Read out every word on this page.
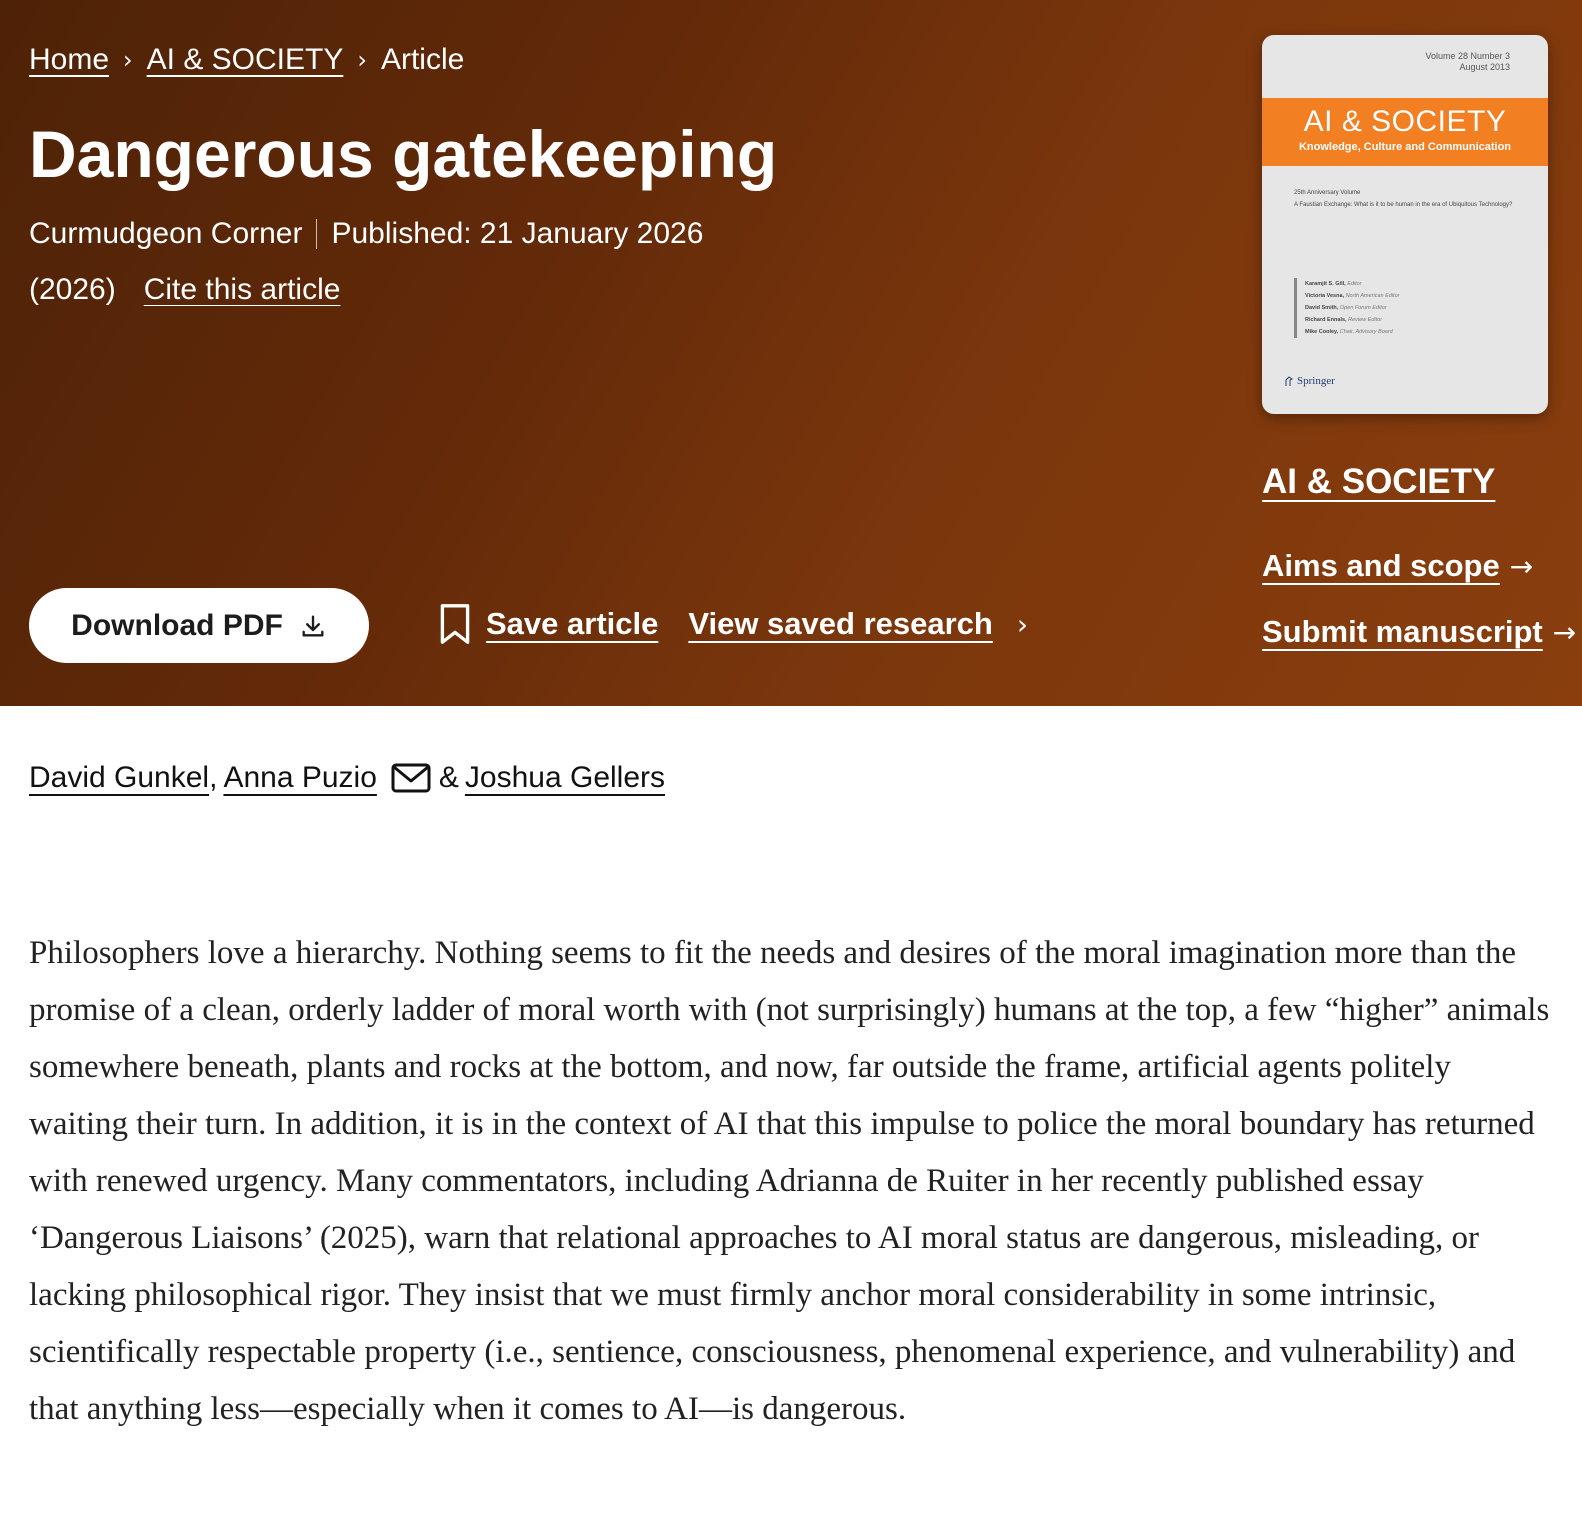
Home › AI & SOCIETY › Article
Dangerous gatekeeping
Curmudgeon Corner Published: 21 January 2026
(2026) Cite this article
Download PDF	Save article View saved research ›
Volume 28 Number 3
August 2013
AI & SOCIETY
Knowledge, Culture and Communication
25th Anniversary Volume
A Faustian Exchange: What is it to be human in the era of Ubiquitous Technology?
Karamjit S. Gill, Editor
Victoria Vesna, North American Editor
David Smith, Open Forum Editor
Richard Ennals, Review Editor
Mike Cooley, Chair, Advisory Board
Springer
AI & SOCIETY
Aims and scope →
Submit manuscript →
David Gunkel , Anna Puzio & Joshua Gellers

Philosophers love a hierarchy. Nothing seems to fit the needs and desires of the moral imagination more than the promise of a clean, orderly ladder of moral worth with (not surprisingly) humans at the top, a few “higher” animals somewhere beneath, plants and rocks at the bottom, and now, far outside the frame, artificial agents politely waiting their turn. In addition, it is in the context of AI that this impulse to police the moral boundary has returned with renewed urgency. Many commentators, including Adrianna de Ruiter in her recently published essay ‘Dangerous Liaisons’ (2025), warn that relational approaches to AI moral status are dangerous, misleading, or lacking philosophical rigor. They insist that we must firmly anchor moral considerability in some intrinsic, scientifically respectable property (i.e., sentience, consciousness, phenomenal experience, and vulnerability) and that anything less—especially when it comes to AI—is dangerous.
